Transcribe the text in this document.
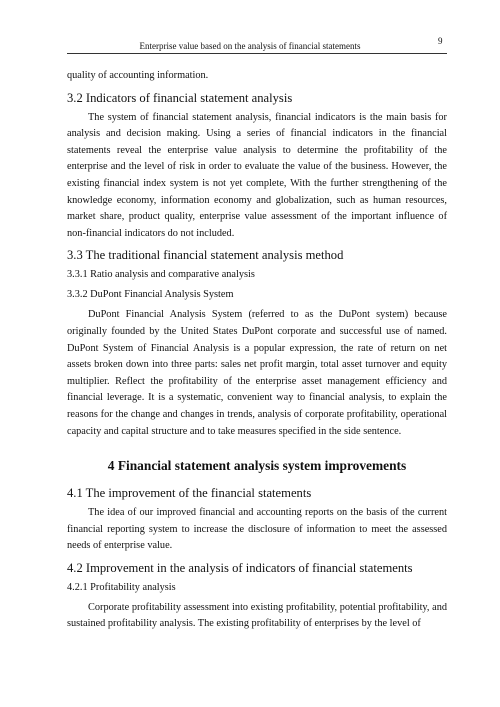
9
Enterprise value based on the analysis of financial statements

quality of accounting information.

3.2 Indicators of financial statement analysis

The system of financial statement analysis, financial indicators is the main basis for analysis and decision making. Using a series of financial indicators in the financial statements reveal the enterprise value analysis to determine the profitability of the enterprise and the level of risk in order to evaluate the value of the business. However, the existing financial index system is not yet complete, With the further strengthening of the knowledge economy, information economy and globalization, such as human resources, market share, product quality, enterprise value assessment of the important influence of non-financial indicators do not included.

3.3 The traditional financial statement analysis method
3.3.1 Ratio analysis and comparative analysis
3.3.2 DuPont Financial Analysis System

DuPont Financial Analysis System (referred to as the DuPont system) because originally founded by the United States DuPont corporate and successful use of named. DuPont System of Financial Analysis is a popular expression, the rate of return on net assets broken down into three parts: sales net profit margin, total asset turnover and equity multiplier. Reflect the profitability of the enterprise asset management efficiency and financial leverage. It is a systematic, convenient way to financial analysis, to explain the reasons for the change and changes in trends, analysis of corporate profitability, operational capacity and capital structure and to take measures specified in the side sentence.

4 Financial statement analysis system improvements
4.1 The improvement of the financial statements

The idea of our improved financial and accounting reports on the basis of the current financial reporting system to increase the disclosure of information to meet the assessed needs of enterprise value.

4.2 Improvement in the analysis of indicators of financial statements
4.2.1 Profitability analysis

Corporate profitability assessment into existing profitability, potential profitability, and sustained profitability analysis. The existing profitability of enterprises by the level of
